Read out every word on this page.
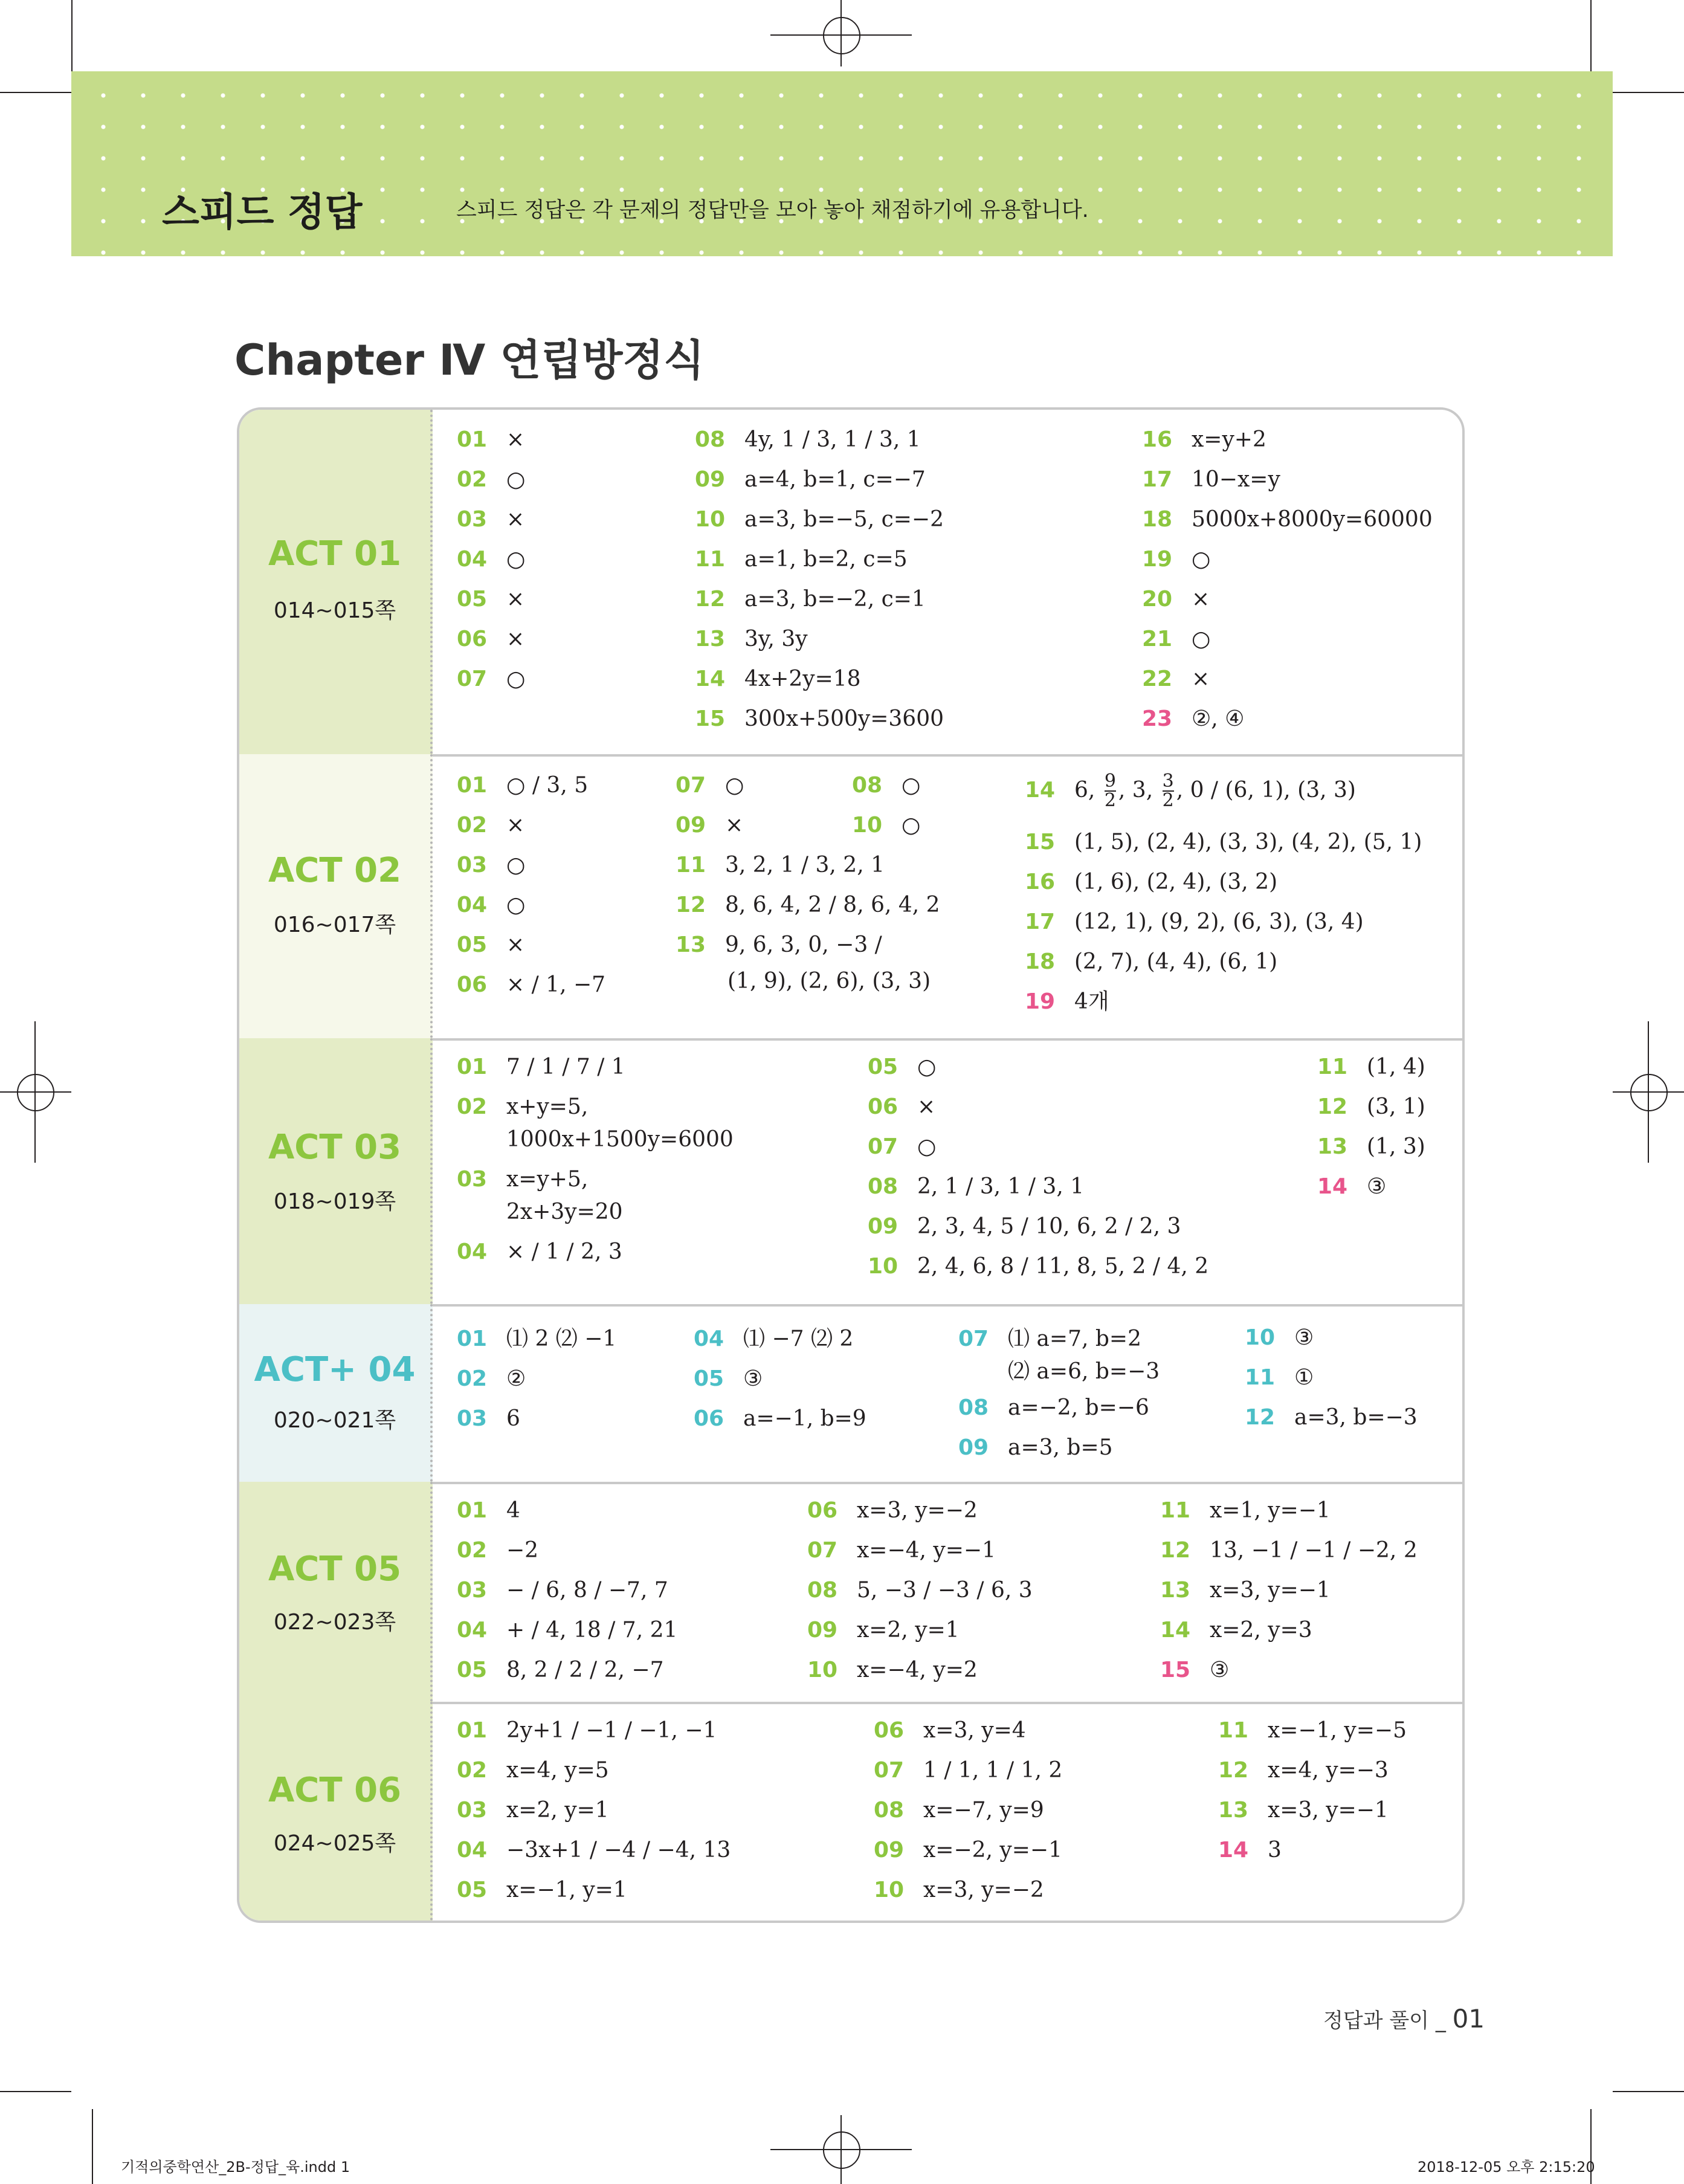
스피드 정답	스피드 정답은 각 문제의 정답만을 모아 놓아 채점하기에 유용합니다.
Chapter Ⅳ 연립방정식
ACT 01
014~015쪽
01 ×
02 ○
03 ×
04 ○
05 ×
06 ×
07 ○
08 4y, 1 / 3, 1 / 3, 1
09 a=4, b=1, c=−7
10 a=3, b=−5, c=−2
11 a=1, b=2, c=5
12 a=3, b=−2, c=1
13 3y, 3y
14 4x+2y=18
15 300x+500y=3600
16 x=y+2
17 10−x=y
18 5000x+8000y=60000
19 ○
20 ×
21 ○
22 ×
23 ②, ④
ACT 02
016~017쪽
(1, 9), (2, 6), (3, 3)
14 6, $\frac{9}{2}$ , 3, $\frac{3}{2}$ , 0 / (6, 1), (3, 3)
01 ○ / 3, 5
02 ×
03 ○
04 ○
05 ×
06 × / 1, −7
07 ○
09 ×
11 3, 2, 1 / 3, 2, 1
12 8, 6, 4, 2 / 8, 6, 4, 2
13 9, 6, 3, 0, −3 /
08 ○
10 ○
15 (1, 5), (2, 4), (3, 3), (4, 2), (5, 1)
16 (1, 6), (2, 4), (3, 2)
17 (12, 1), (9, 2), (6, 3), (3, 4)
18 (2, 7), (4, 4), (6, 1)
19 4개
ACT 03
018~019쪽
01 7 / 1 / 7 / 1
02 x+y=5,
1000x+1500y=6000
03 x=y+5,
2x+3y=20
04 × / 1 / 2, 3
05 ○
06 ×
07 ○
08 2, 1 / 3, 1 / 3, 1
09 2, 3, 4, 5 / 10, 6, 2 / 2, 3
10 2, 4, 6, 8 / 11, 8, 5, 2 / 4, 2
11 (1, 4)
12 (3, 1)
13 (1, 3)
14 ③
ACT+ 04
020~021쪽
07 ⑴ a=7, b=2
⑵ a=6, b=−3
08 a=−2, b=−6
09 a=3, b=5
01 ⑴ 2 ⑵ −1
02 ②
03 6
04 ⑴ −7 ⑵ 2
05 ③
06 a=−1, b=9
10 ③
11 ①
12 a=3, b=−3
ACT 05
022~023쪽
01 4
02 −2
03 − / 6, 8 / −7, 7
04 + / 4, 18 / 7, 21
05 8, 2 / 2 / 2, −7
06 x=3, y=−2
07 x=−4, y=−1
08 5, −3 / −3 / 6, 3
09 x=2, y=1
10 x=−4, y=2
11 x=1, y=−1
12 13, −1 / −1 / −2, 2
13 x=3, y=−1
14 x=2, y=3
15 ③
ACT 06
024~025쪽
01 2y+1 / −1 / −1, −1
02 x=4, y=5
03 x=2, y=1
04 −3x+1 / −4 / −4, 13
05 x=−1, y=1
06 x=3, y=4
07 1 / 1, 1 / 1, 2
08 x=−7, y=9
09 x=−2, y=−1
10 x=3, y=−2
11 x=−1, y=−5
12 x=4, y=−3
13 x=3, y=−1
14 3
정답과 풀이 _ 01
기적의중학연산_2B-정답_육.indd 1	2018-12-05 오후 2:15:20
